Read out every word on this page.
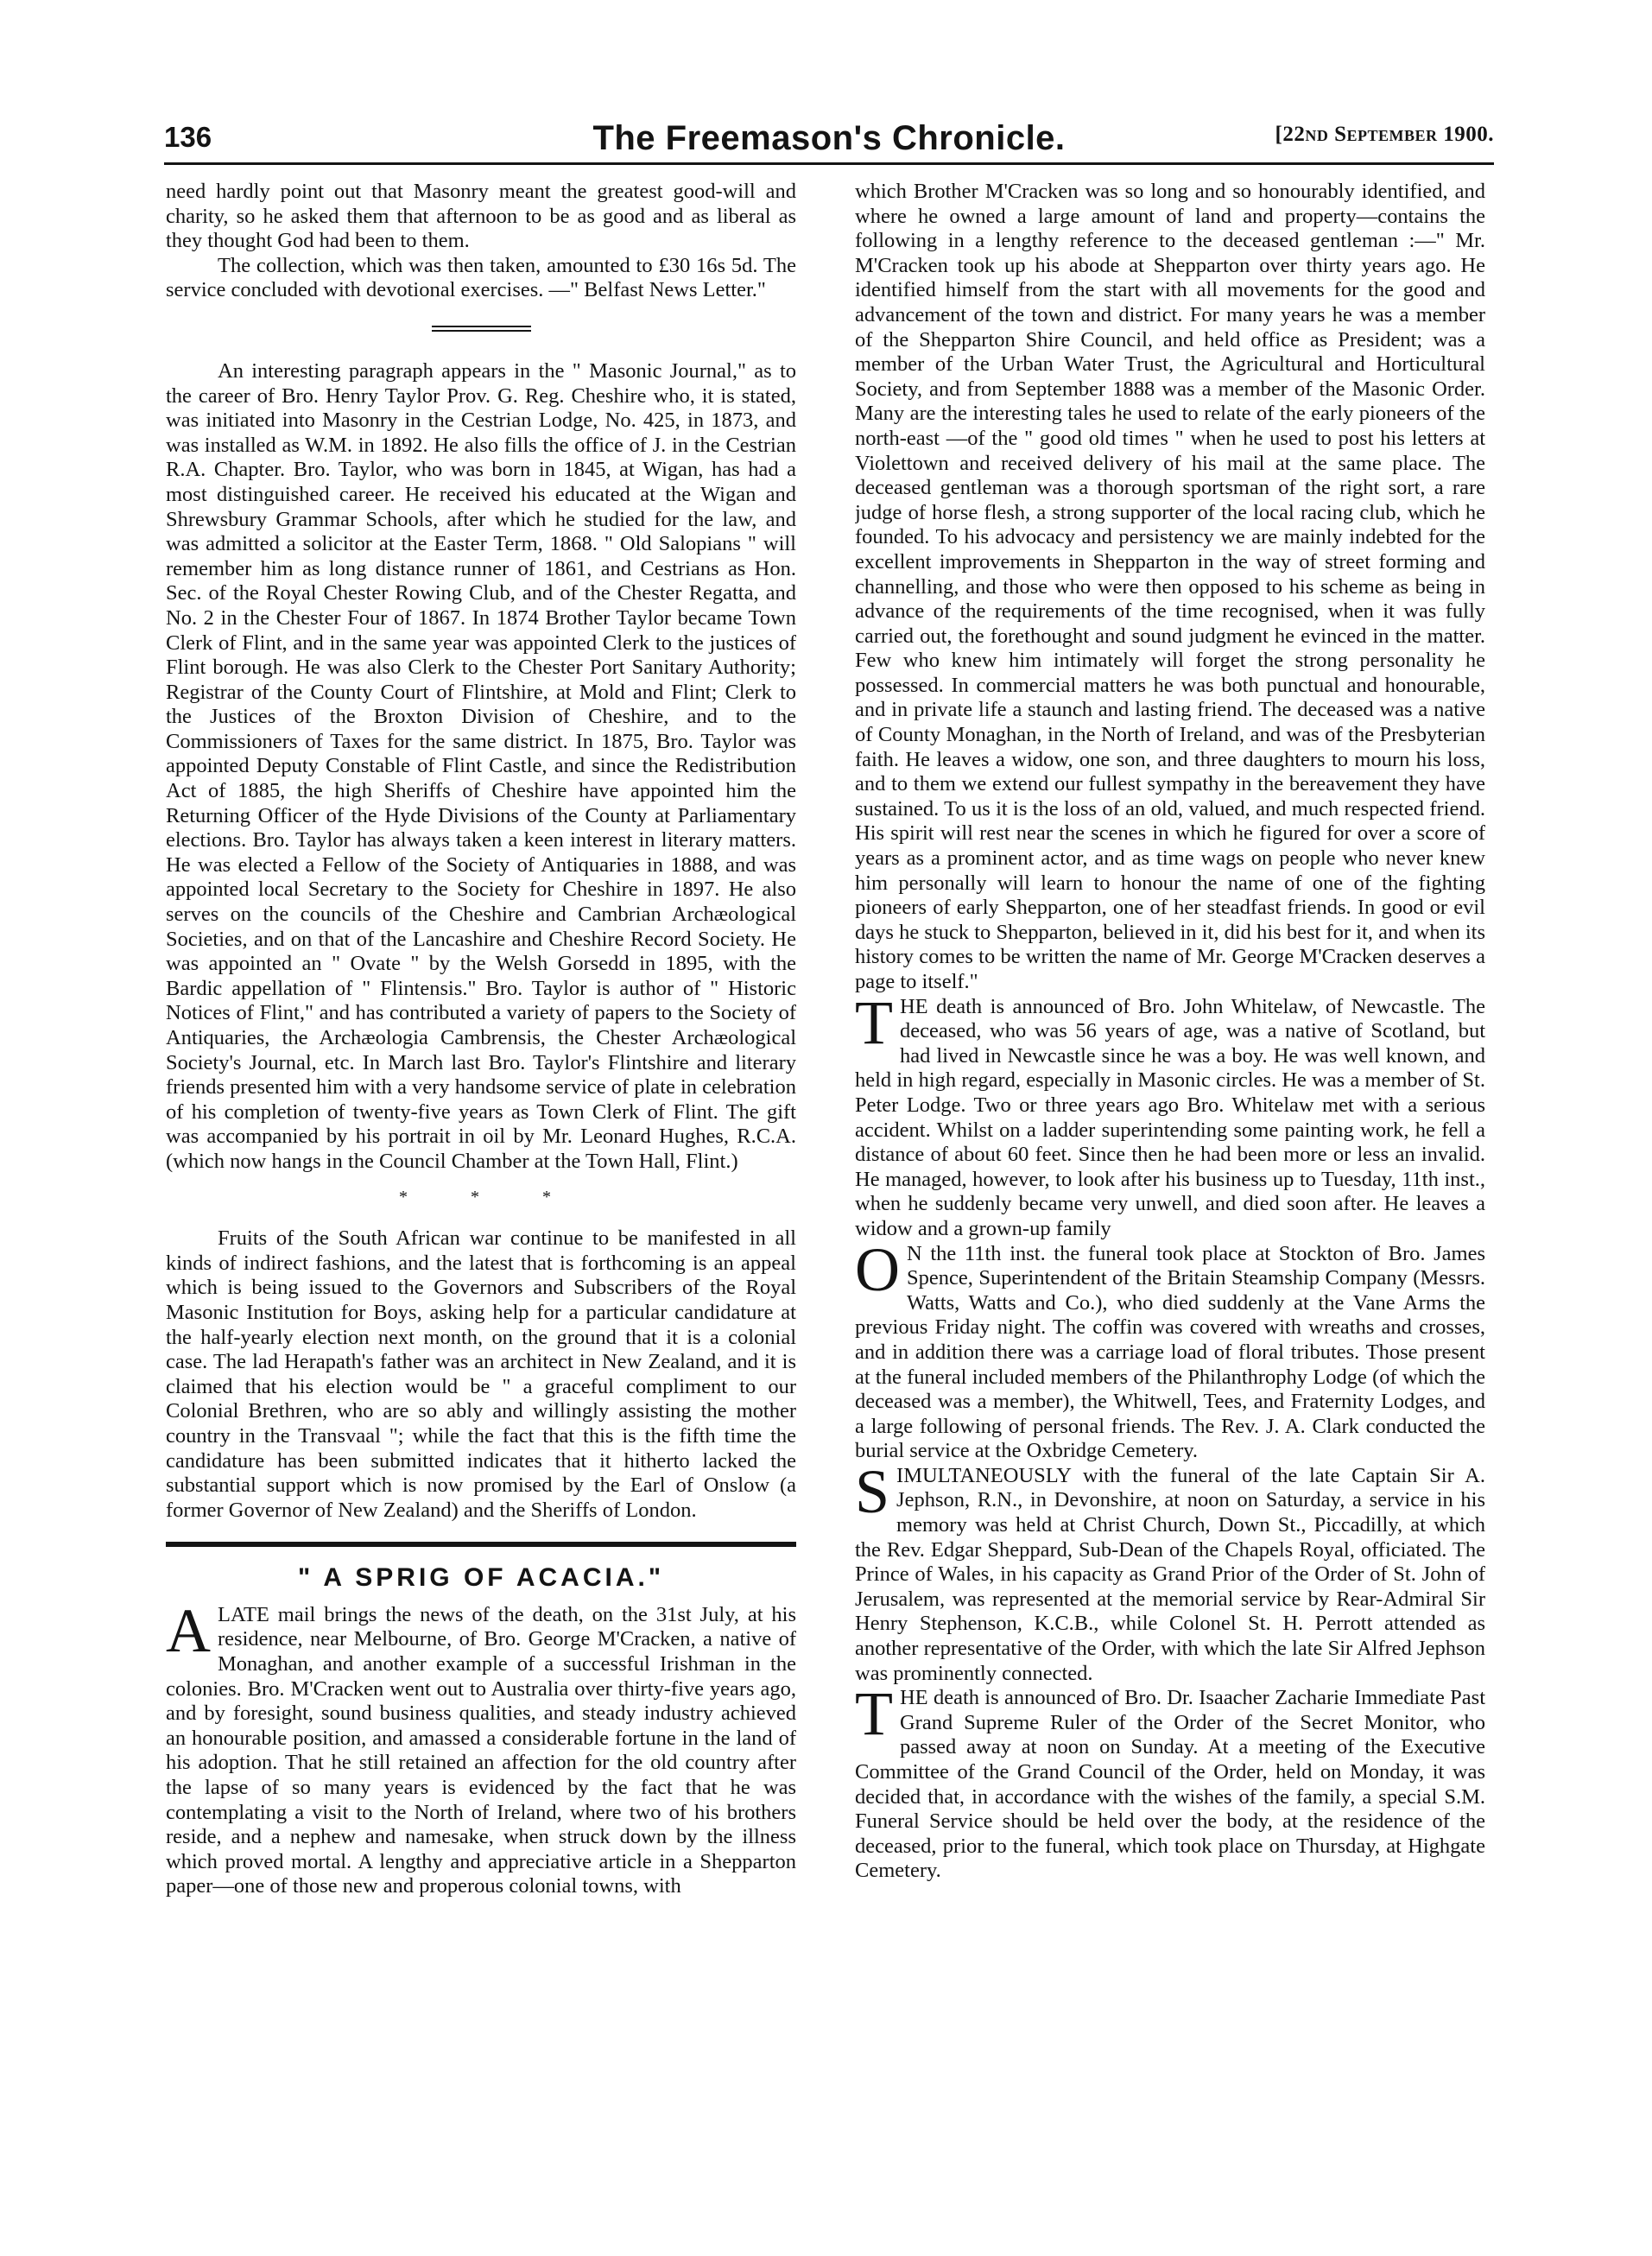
136	The Freemason's Chronicle.	[22nd September 1900.

need hardly point out that Masonry meant the greatest good-will and charity, so he asked them that afternoon to be as good and as liberal as they thought God had been to them.

The collection, which was then taken, amounted to £30 16s 5d. The service concluded with devotional exercises. —" Belfast News Letter."

An interesting paragraph appears in the " Masonic Journal," as to the career of Bro. Henry Taylor Prov. G. Reg. Cheshire who, it is stated, was initiated into Masonry in the Cestrian Lodge, No. 425, in 1873, and was installed as W.M. in 1892. He also fills the office of J. in the Cestrian R.A. Chapter. Bro. Taylor, who was born in 1845, at Wigan, has had a most distinguished career. He received his educated at the Wigan and Shrewsbury Grammar Schools, after which he studied for the law, and was admitted a solicitor at the Easter Term, 1868. " Old Salopians " will remember him as long distance runner of 1861, and Cestrians as Hon. Sec. of the Royal Chester Rowing Club, and of the Chester Regatta, and No. 2 in the Chester Four of 1867. In 1874 Brother Taylor became Town Clerk of Flint, and in the same year was appointed Clerk to the justices of Flint borough. He was also Clerk to the Chester Port Sanitary Authority; Registrar of the County Court of Flintshire, at Mold and Flint; Clerk to the Justices of the Broxton Division of Cheshire, and to the Commissioners of Taxes for the same district. In 1875, Bro. Taylor was appointed Deputy Constable of Flint Castle, and since the Redistribution Act of 1885, the high Sheriffs of Cheshire have appointed him the Returning Officer of the Hyde Divisions of the County at Parliamentary elections. Bro. Taylor has always taken a keen interest in literary matters. He was elected a Fellow of the Society of Antiquaries in 1888, and was appointed local Secretary to the Society for Cheshire in 1897. He also serves on the councils of the Cheshire and Cambrian Archæological Societies, and on that of the Lancashire and Cheshire Record Society. He was appointed an " Ovate " by the Welsh Gorsedd in 1895, with the Bardic appellation of " Flintensis." Bro. Taylor is author of " Historic Notices of Flint," and has contributed a variety of papers to the Society of Antiquaries, the Archæologia Cambrensis, the Chester Archæological Society's Journal, etc. In March last Bro. Taylor's Flintshire and literary friends presented him with a very handsome service of plate in celebration of his completion of twenty-five years as Town Clerk of Flint. The gift was accompanied by his portrait in oil by Mr. Leonard Hughes, R.C.A. (which now hangs in the Council Chamber at the Town Hall, Flint.)

* * *

Fruits of the South African war continue to be manifested in all kinds of indirect fashions, and the latest that is forthcoming is an appeal which is being issued to the Governors and Subscribers of the Royal Masonic Institution for Boys, asking help for a particular candidature at the half-yearly election next month, on the ground that it is a colonial case. The lad Herapath's father was an architect in New Zealand, and it is claimed that his election would be " a graceful compliment to our Colonial Brethren, who are so ably and willingly assisting the mother country in the Transvaal "; while the fact that this is the fifth time the candidature has been submitted indicates that it hitherto lacked the substantial support which is now promised by the Earl of Onslow (a former Governor of New Zealand) and the Sheriffs of London.

" A SPRIG OF ACACIA."

ALATE mail brings the news of the death, on the 31st July, at his residence, near Melbourne, of Bro. George M'Cracken, a native of Monaghan, and another example of a successful Irishman in the colonies. Bro. M'Cracken went out to Australia over thirty-five years ago, and by foresight, sound business qualities, and steady industry achieved an honourable position, and amassed a considerable fortune in the land of his adoption. That he still retained an affection for the old country after the lapse of so many years is evidenced by the fact that he was contemplating a visit to the North of Ireland, where two of his brothers reside, and a nephew and namesake, when struck down by the illness which proved mortal. A lengthy and appreciative article in a Shepparton paper—one of those new and properous colonial towns, with

which Brother M'Cracken was so long and so honourably identified, and where he owned a large amount of land and property—contains the following in a lengthy reference to the deceased gentleman :—" Mr. M'Cracken took up his abode at Shepparton over thirty years ago. He identified himself from the start with all movements for the good and advancement of the town and district. For many years he was a member of the Shepparton Shire Council, and held office as President; was a member of the Urban Water Trust, the Agricultural and Horticultural Society, and from September 1888 was a member of the Masonic Order. Many are the interesting tales he used to relate of the early pioneers of the north-east —of the " good old times " when he used to post his letters at Violettown and received delivery of his mail at the same place. The deceased gentleman was a thorough sportsman of the right sort, a rare judge of horse flesh, a strong supporter of the local racing club, which he founded. To his advocacy and persistency we are mainly indebted for the excellent improvements in Shepparton in the way of street forming and channelling, and those who were then opposed to his scheme as being in advance of the requirements of the time recognised, when it was fully carried out, the forethought and sound judgment he evinced in the matter. Few who knew him intimately will forget the strong personality he possessed. In commercial matters he was both punctual and honourable, and in private life a staunch and lasting friend. The deceased was a native of County Monaghan, in the North of Ireland, and was of the Presbyterian faith. He leaves a widow, one son, and three daughters to mourn his loss, and to them we extend our fullest sympathy in the bereavement they have sustained. To us it is the loss of an old, valued, and much respected friend. His spirit will rest near the scenes in which he figured for over a score of years as a prominent actor, and as time wags on people who never knew him personally will learn to honour the name of one of the fighting pioneers of early Shepparton, one of her steadfast friends. In good or evil days he stuck to Shepparton, believed in it, did his best for it, and when its history comes to be written the name of Mr. George M'Cracken deserves a page to itself."

THE death is announced of Bro. John Whitelaw, of Newcastle. The deceased, who was 56 years of age, was a native of Scotland, but had lived in Newcastle since he was a boy. He was well known, and held in high regard, especially in Masonic circles. He was a member of St. Peter Lodge. Two or three years ago Bro. Whitelaw met with a serious accident. Whilst on a ladder superintending some painting work, he fell a distance of about 60 feet. Since then he had been more or less an invalid. He managed, however, to look after his business up to Tuesday, 11th inst., when he suddenly became very unwell, and died soon after. He leaves a widow and a grown-up family

O N the 11th inst. the funeral took place at Stockton of Bro. James Spence, Superintendent of the Britain Steamship Company (Messrs. Watts, Watts and Co.), who died suddenly at the Vane Arms the previous Friday night. The coffin was covered with wreaths and crosses, and in addition there was a carriage load of floral tributes. Those present at the funeral included members of the Philanthrophy Lodge (of which the deceased was a member), the Whitwell, Tees, and Fraternity Lodges, and a large following of personal friends. The Rev. J. A. Clark conducted the burial service at the Oxbridge Cemetery.

SIMULTANEOUSLY with the funeral of the late Captain Sir A. Jephson, R.N., in Devonshire, at noon on Saturday, a service in his memory was held at Christ Church, Down St., Piccadilly, at which the Rev. Edgar Sheppard, Sub-Dean of the Chapels Royal, officiated. The Prince of Wales, in his capacity as Grand Prior of the Order of St. John of Jerusalem, was represented at the memorial service by Rear-Admiral Sir Henry Stephenson, K.C.B., while Colonel St. H. Perrott attended as another representative of the Order, with which the late Sir Alfred Jephson was prominently connected.

THE death is announced of Bro. Dr. Isaacher Zacharie Immediate Past Grand Supreme Ruler of the Order of the Secret Monitor, who passed away at noon on Sunday. At a meeting of the Executive Committee of the Grand Council of the Order, held on Monday, it was decided that, in accordance with the wishes of the family, a special S.M. Funeral Service should be held over the body, at the residence of the deceased, prior to the funeral, which took place on Thursday, at Highgate Cemetery.
